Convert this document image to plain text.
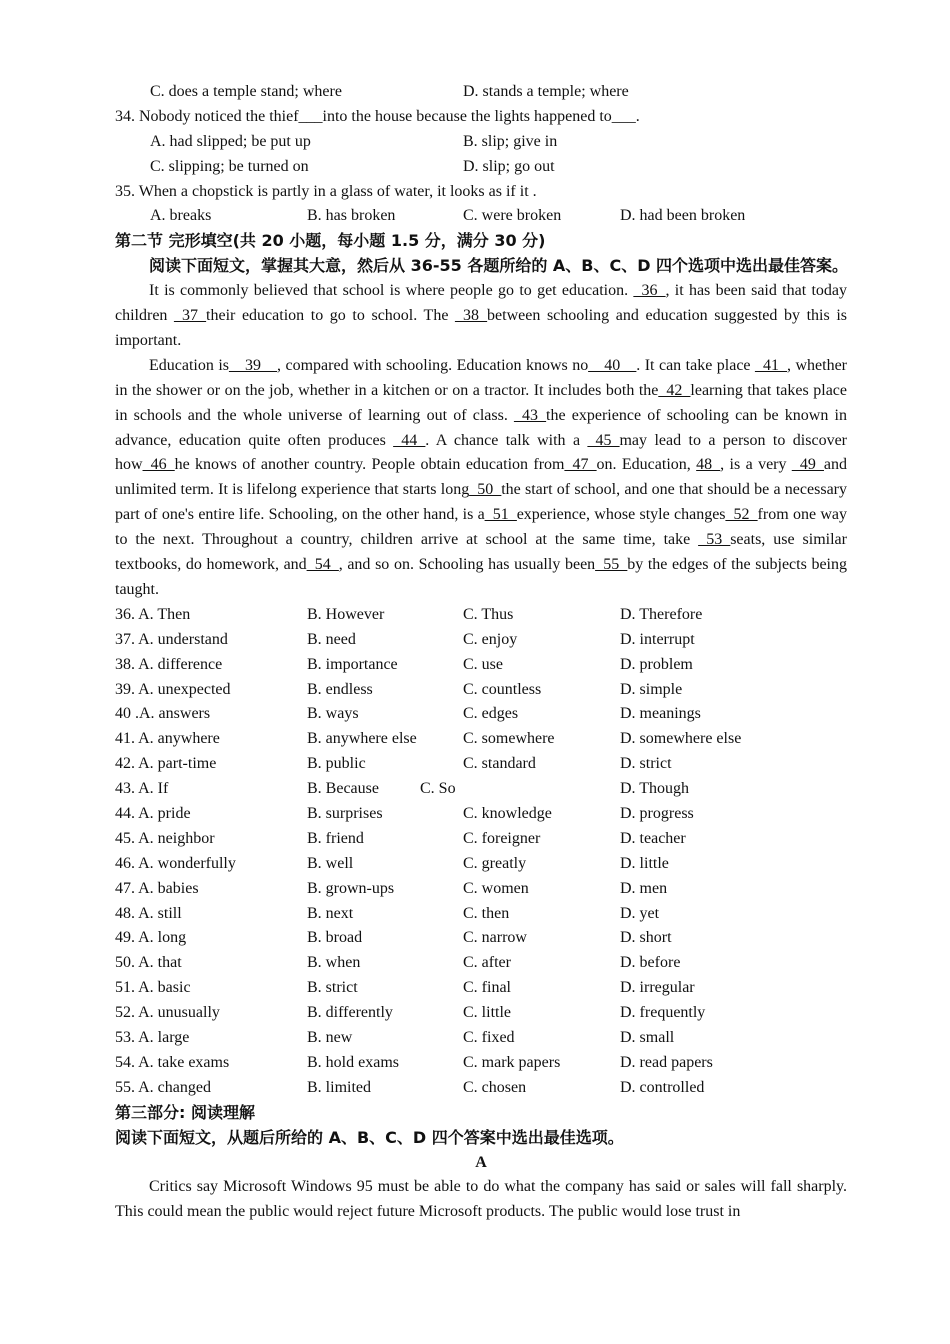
C. does a temple stand; where	D. stands a temple; where
34. Nobody noticed the thief___into the house because the lights happened to___.
A. had slipped; be put up	B. slip; give in
C. slipping; be turned on	D. slip; go out
35. When a chopstick is partly in a glass of water, it looks as if it .
A. breaks	B. has broken	C. were broken	D. had been broken
第二节 完形填空(共 20 小题，每小题 1.5 分，满分 30 分)
阅读下面短文，掌握其大意，然后从 36-55 各题所给的 A、B、C、D 四个选项中选出最佳答案。

It is commonly believed that school is where people go to get education. _36_, it has been said that today children _37_their education to go to school. The _38_between schooling and education suggested by this is important.

Education is__39__, compared with schooling. Education knows no__40__. It can take place _41_, whether in the shower or on the job, whether in a kitchen or on a tractor. It includes both the_42_learning that takes place in schools and the whole universe of learning out of class. _43_the experience of schooling can be known in advance, education quite often produces _44_. A chance talk with a _45_may lead to a person to discover how_46_he knows of another country. People obtain education from_47_on. Education, 48_, is a very _49_and unlimited term. It is lifelong experience that starts long_50_the start of school, and one that should be a necessary part of one's entire life. Schooling, on the other hand, is a_51_experience, whose style changes_52_from one way to the next. Throughout a country, children arrive at school at the same time, take _53_seats, use similar textbooks, do homework, and_54_, and so on. Schooling has usually been_55_by the edges of the subjects being taught.

36. A. Then	B. However	C. Thus	D. Therefore
37. A. understand	B. need	C. enjoy	D. interrupt
38. A. difference	B. importance	C. use	D. problem
39. A. unexpected	B. endless	C. countless	D. simple
40 .A. answers	B. ways	C. edges	D. meanings
41. A. anywhere	B. anywhere else	C. somewhere	D. somewhere else
42. A. part-time	B. public	C. standard	D. strict
43. A. If	B. Because	C. So	D. Though
44. A. pride	B. surprises	C. knowledge	D. progress
45. A. neighbor	B. friend	C. foreigner	D. teacher
46. A. wonderfully	B. well	C. greatly	D. little
47. A. babies	B. grown-ups	C. women	D. men
48. A. still	B. next	C. then	D. yet
49. A. long	B. broad	C. narrow	D. short
50. A. that	B. when	C. after	D. before
51. A. basic	B. strict	C. final	D. irregular
52. A. unusually	B. differently	C. little	D. frequently
53. A. large	B. new	C. fixed	D. small
54. A. take exams	B. hold exams	C. mark papers	D. read papers
55. A. changed	B. limited	C. chosen	D. controlled
第三部分: 阅读理解
阅读下面短文，从题后所给的 A、B、C、D 四个答案中选出最佳选项。
A

Critics say Microsoft Windows 95 must be able to do what the company has said or sales will fall sharply. This could mean the public would reject future Microsoft products. The public would lose trust in
